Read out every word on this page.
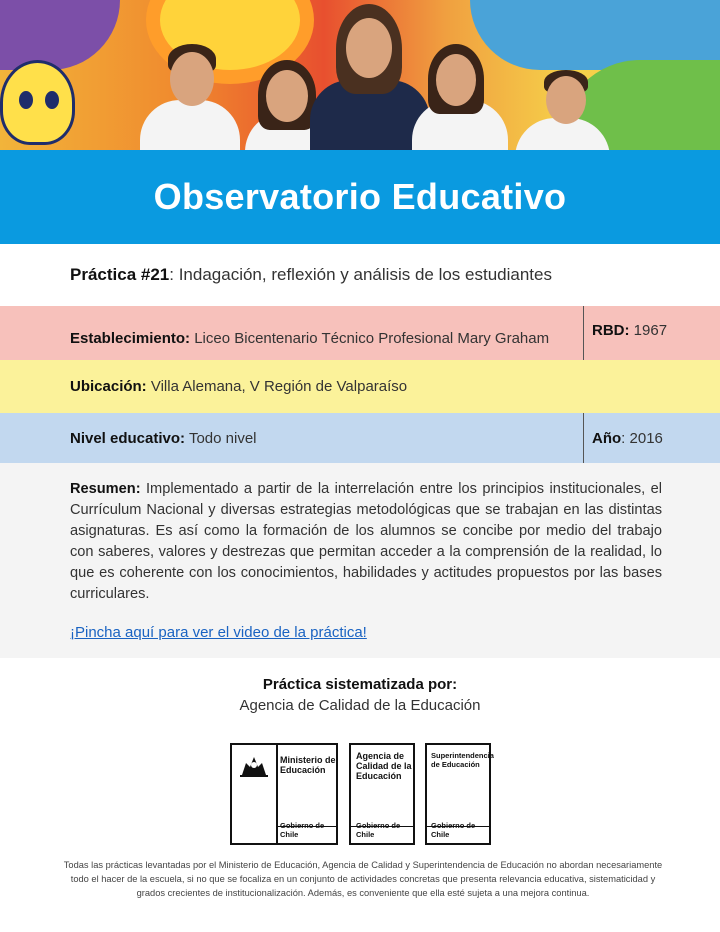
Observatorio Educativo
Práctica #21: Indagación, reflexión y análisis de los estudiantes
Establecimiento: Liceo Bicentenario Técnico Profesional Mary Graham	RBD: 1967
Ubicación: Villa Alemana, V Región de Valparaíso
Nivel educativo: Todo nivel	Año: 2016

Resumen: Implementado a partir de la interrelación entre los principios institucionales, el Currículum Nacional y diversas estrategias metodológicas que se trabajan en las distintas asignaturas. Es así como la formación de los alumnos se concibe por medio del trabajo con saberes, valores y destrezas que permitan acceder a la comprensión de la realidad, lo que es coherente con los conocimientos, habilidades y actitudes propuestos por las bases curriculares.

¡Pincha aquí para ver el video de la práctica!
Práctica sistematizada por:
Agencia de Calidad de la Educación
Ministerio de
Educación
Gobierno de Chile
Agencia de
Calidad de la
Educación
Gobierno de Chile
Superintendencia
de Educación
Gobierno de Chile
Todas las prácticas levantadas por el Ministerio de Educación, Agencia de Calidad y Superintendencia de Educación no abordan necesariamente todo el hacer de la escuela, si no que se focaliza en un conjunto de actividades concretas que presenta relevancia educativa, sistematicidad y grados crecientes de institucionalización. Además, es conveniente que ella esté sujeta a una mejora continua.
